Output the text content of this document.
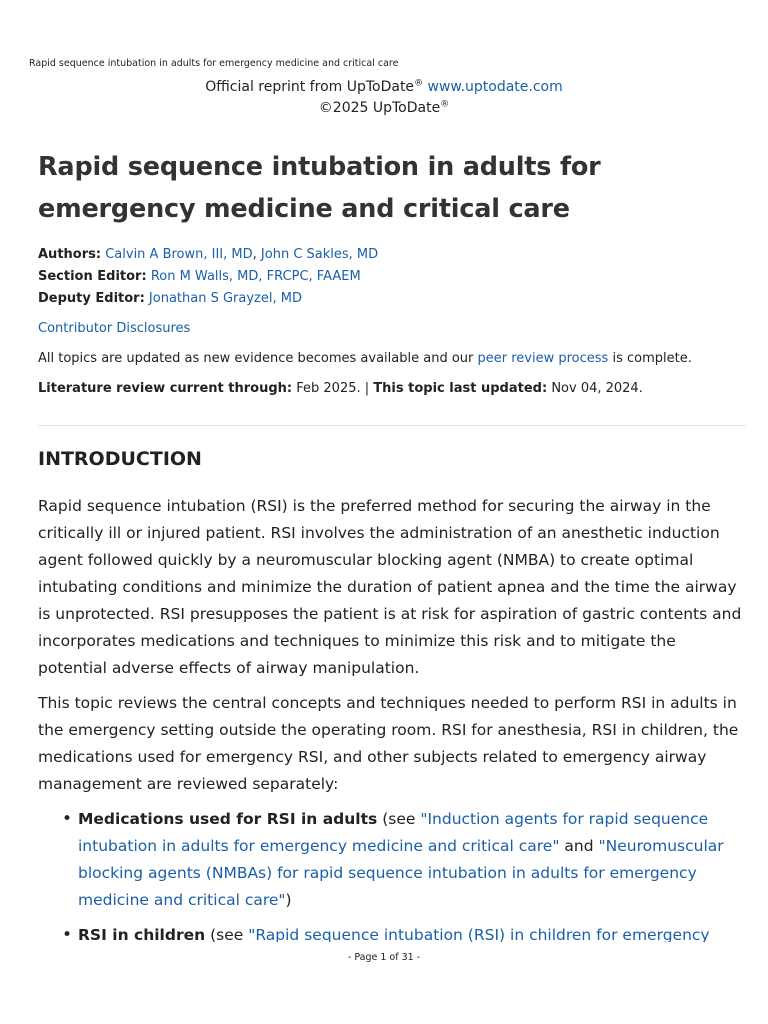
Rapid sequence intubation in adults for emergency medicine and critical care
Official reprint from UpToDate® www.uptodate.com
©2025 UpToDate®
Rapid sequence intubation in adults for emergency medicine and critical care
Authors: Calvin A Brown, III, MD, John C Sakles, MD
Section Editor: Ron M Walls, MD, FRCPC, FAAEM
Deputy Editor: Jonathan S Grayzel, MD
Contributor Disclosures
All topics are updated as new evidence becomes available and our peer review process is complete.
Literature review current through: Feb 2025. | This topic last updated: Nov 04, 2024.
INTRODUCTION

Rapid sequence intubation (RSI) is the preferred method for securing the airway in the critically ill or injured patient. RSI involves the administration of an anesthetic induction agent followed quickly by a neuromuscular blocking agent (NMBA) to create optimal intubating conditions and minimize the duration of patient apnea and the time the airway is unprotected. RSI presupposes the patient is at risk for aspiration of gastric contents and incorporates medications and techniques to minimize this risk and to mitigate the potential adverse effects of airway manipulation.

This topic reviews the central concepts and techniques needed to perform RSI in adults in the emergency setting outside the operating room. RSI for anesthesia, RSI in children, the medications used for emergency RSI, and other subjects related to emergency airway management are reviewed separately:

• Medications used for RSI in adults (see "Induction agents for rapid sequence intubation in adults for emergency medicine and critical care" and "Neuromuscular blocking agents (NMBAs) for rapid sequence intubation in adults for emergency medicine and critical care")
• RSI in children (see "Rapid sequence intubation (RSI) in children for emergency
- Page 1 of 31 -
